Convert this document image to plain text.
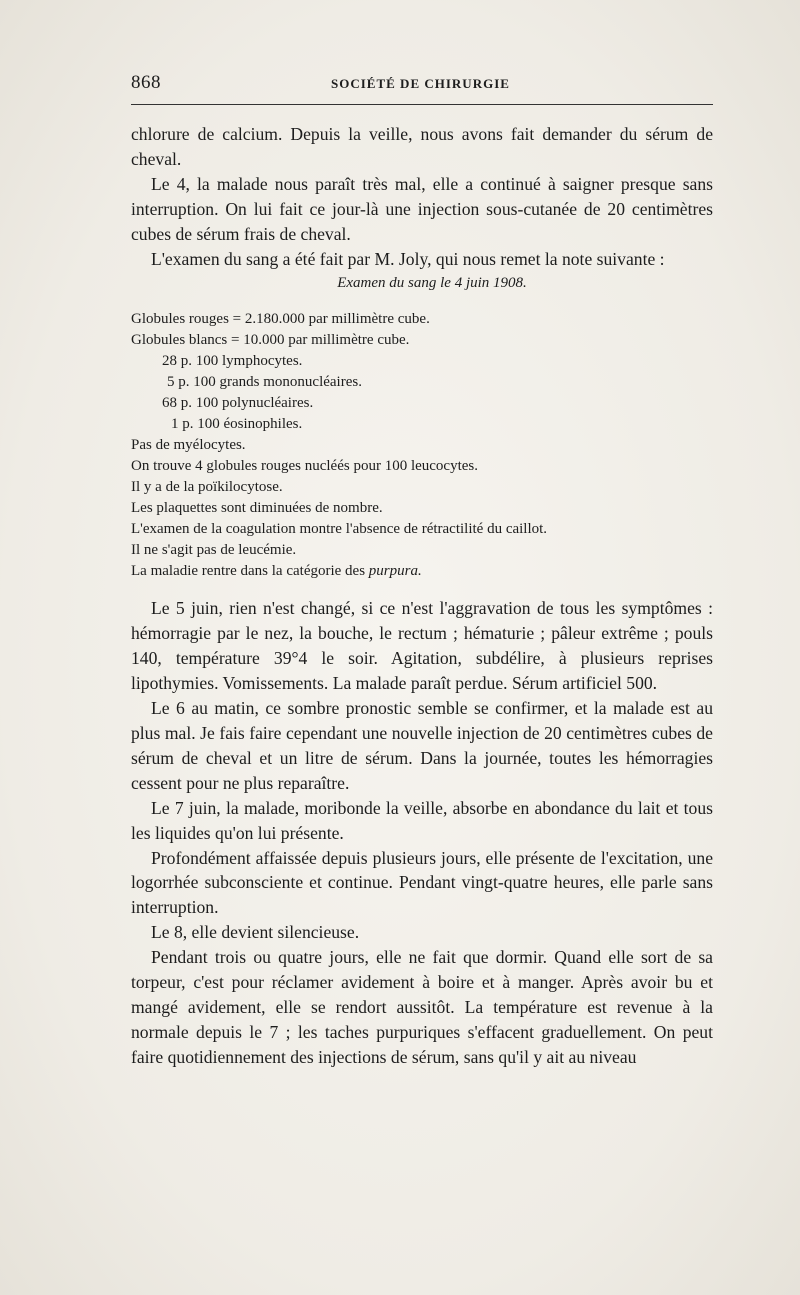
868	SOCIÉTÉ DE CHIRURGIE

chlorure de calcium. Depuis la veille, nous avons fait demander du sérum de cheval.

Le 4, la malade nous paraît très mal, elle a continué à saigner presque sans interruption. On lui fait ce jour-là une injection sous-cutanée de 20 centimètres cubes de sérum frais de cheval.

L'examen du sang a été fait par M. Joly, qui nous remet la note suivante :

Examen du sang le 4 juin 1908.

Globules rouges = 2.180.000 par millimètre cube.

Globules blancs = 10.000 par millimètre cube.

28 p. 100 lymphocytes.

5 p. 100 grands mononucléaires.

68 p. 100 polynucléaires.

1 p. 100 éosinophiles.

Pas de myélocytes.

On trouve 4 globules rouges nucléés pour 100 leucocytes.

Il y a de la poïkilocytose.

Les plaquettes sont diminuées de nombre.

L'examen de la coagulation montre l'absence de rétractilité du caillot.

Il ne s'agit pas de leucémie.

La maladie rentre dans la catégorie des purpura.

Le 5 juin, rien n'est changé, si ce n'est l'aggravation de tous les symptômes : hémorragie par le nez, la bouche, le rectum ; hématurie ; pâleur extrême ; pouls 140, température 39°4 le soir. Agitation, subdélire, à plusieurs reprises lipothymies. Vomissements. La malade paraît perdue. Sérum artificiel 500.

Le 6 au matin, ce sombre pronostic semble se confirmer, et la malade est au plus mal. Je fais faire cependant une nouvelle injection de 20 centimètres cubes de sérum de cheval et un litre de sérum. Dans la journée, toutes les hémorragies cessent pour ne plus reparaître.

Le 7 juin, la malade, moribonde la veille, absorbe en abondance du lait et tous les liquides qu'on lui présente.

Profondément affaissée depuis plusieurs jours, elle présente de l'excitation, une logorrhée subconsciente et continue. Pendant vingt-quatre heures, elle parle sans interruption.

Le 8, elle devient silencieuse.

Pendant trois ou quatre jours, elle ne fait que dormir. Quand elle sort de sa torpeur, c'est pour réclamer avidement à boire et à manger. Après avoir bu et mangé avidement, elle se rendort aussitôt. La température est revenue à la normale depuis le 7 ; les taches purpuriques s'effacent graduellement. On peut faire quotidiennement des injections de sérum, sans qu'il y ait au niveau
